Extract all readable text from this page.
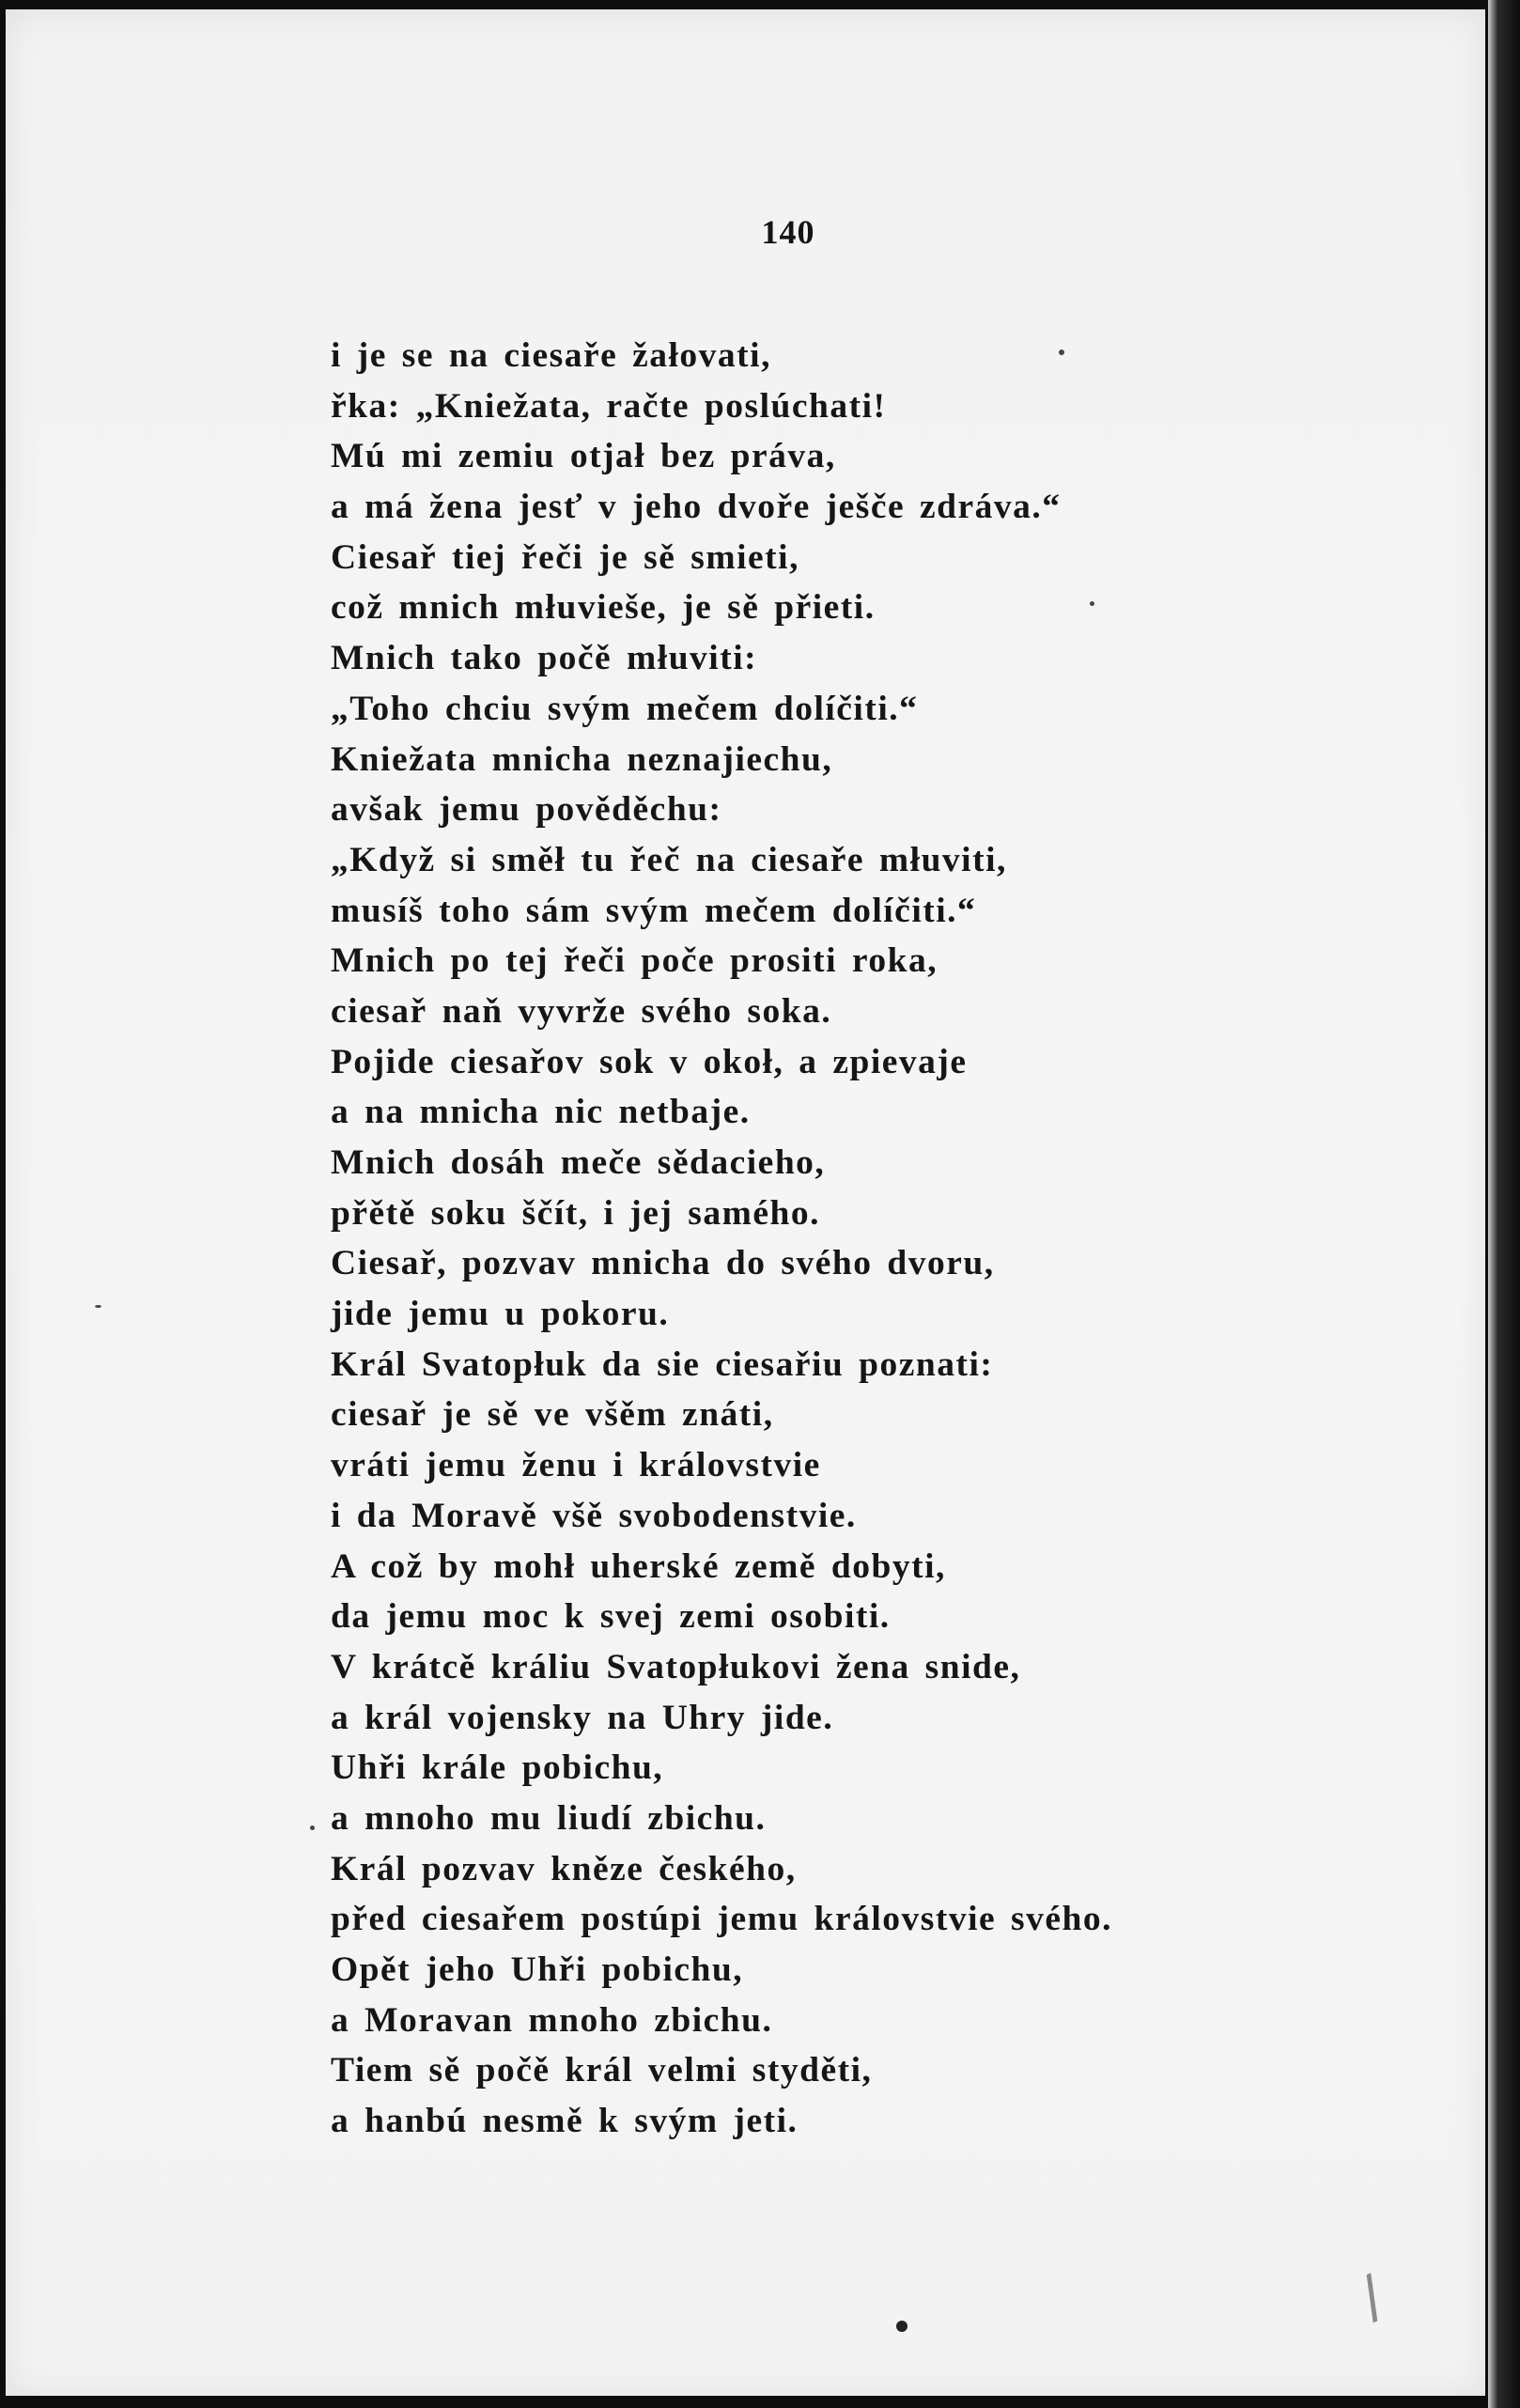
140
i je se na ciesaře žałovati,
řka: „Kniežata, račte poslúchati!
Mú mi zemiu otjał bez práva,
a má žena jesť v jeho dvoře ješče zdráva.“
Ciesař tiej řeči je sě smieti,
což mnich młuvieše, je sě přieti.
Mnich tako počě młuviti:
„Toho chciu svým mečem dolíčiti.“
Kniežata mnicha neznajiechu,
avšak jemu pověděchu:
„Když si směł tu řeč na ciesaře młuviti,
musíš toho sám svým mečem dolíčiti.“
Mnich po tej řeči poče prositi roka,
ciesař naň vyvrže svého soka.
Pojide ciesařov sok v okoł, a zpievaje
a na mnicha nic netbaje.
Mnich dosáh meče sědacieho,
přětě soku ščít, i jej samého.
Ciesař, pozvav mnicha do svého dvoru,
jide jemu u pokoru.
Král Svatopłuk da sie ciesařiu poznati:
ciesař je sě ve všěm znáti,
vráti jemu ženu i královstvie
i da Moravě všě svobodenstvie.
A což by mohł uherské země dobyti,
da jemu moc k svej zemi osobiti.
V krátcě králiu Svatopłukovi žena snide,
a král vojensky na Uhry jide.
Uhři krále pobichu,
a mnoho mu liudí zbichu.
Král pozvav kněze českého,
před ciesařem postúpi jemu královstvie svého.
Opět jeho Uhři pobichu,
a Moravan mnoho zbichu.
Tiem sě počě král velmi styděti,
a hanbú nesmě k svým jeti.
/
